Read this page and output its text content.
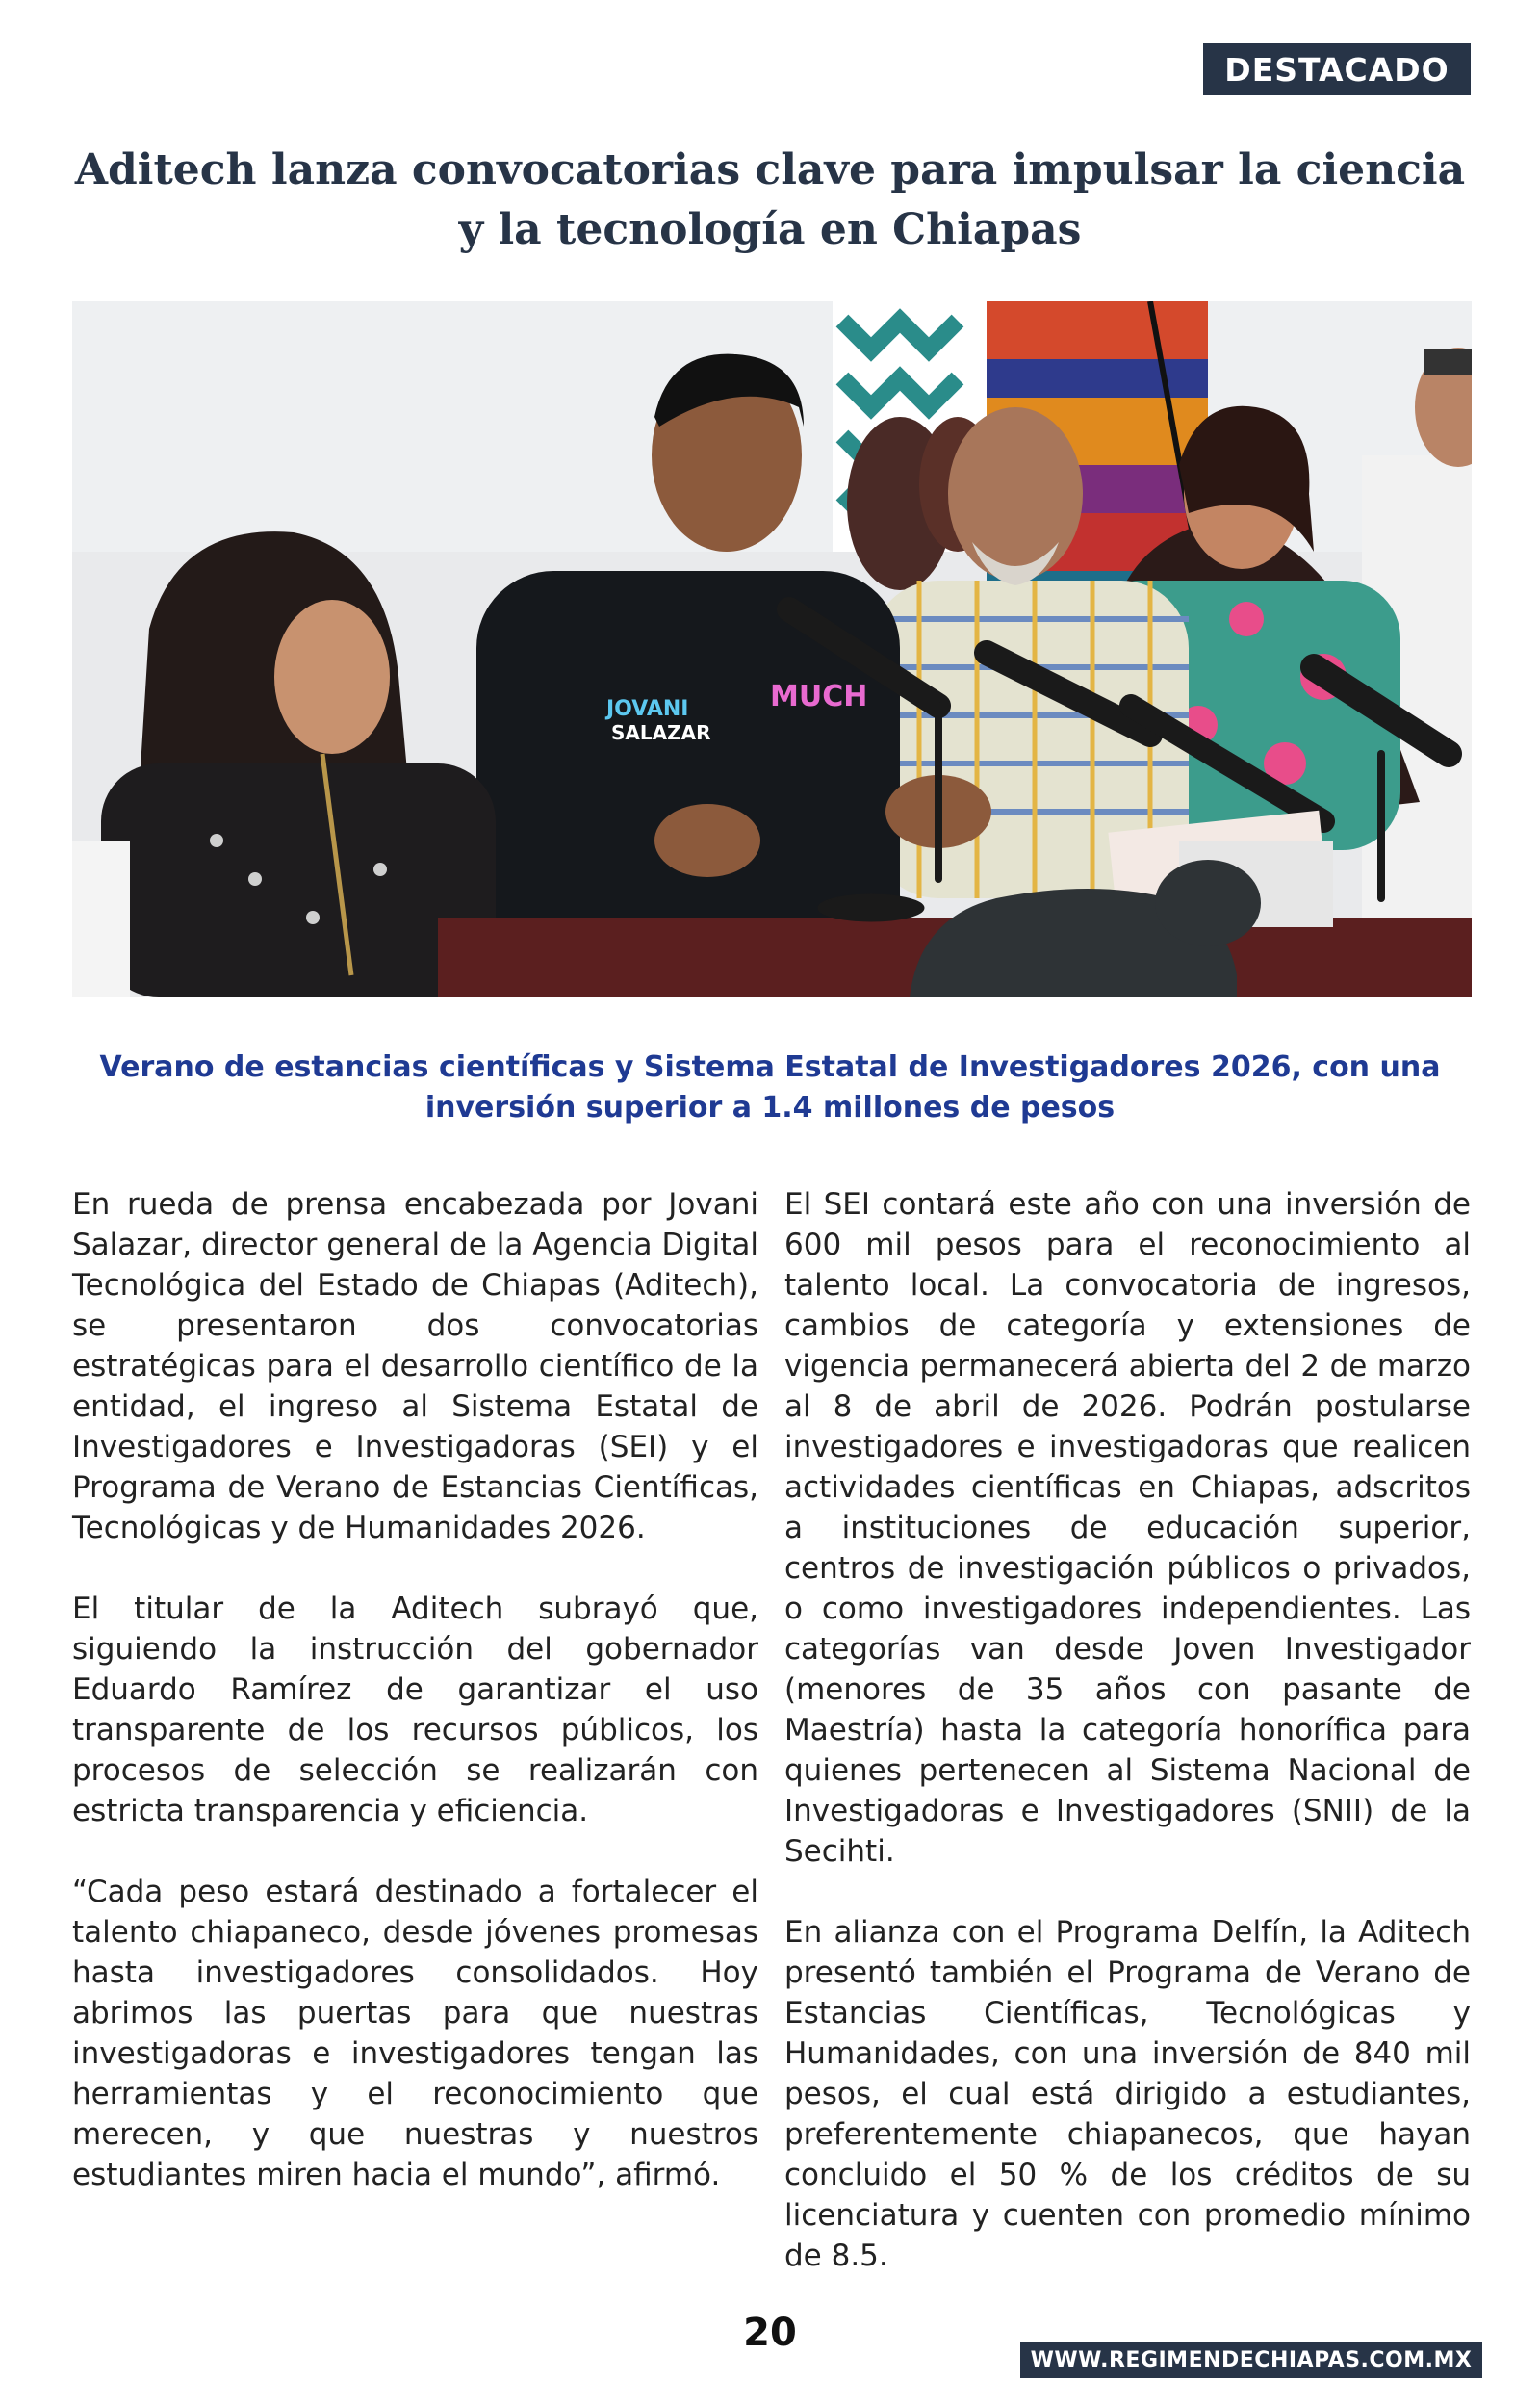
DESTACADO
Aditech lanza convocatorias clave para impulsar la ciencia y la tecnología en Chiapas
JOVANI
SALAZAR
MUCH
Verano de estancias científicas y Sistema Estatal de Investigadores 2026, con una inversión superior a 1.4 millones de pesos

En rueda de prensa encabezada por Jovani Salazar, director general de la Agencia Digital Tecnológica del Estado de Chiapas (Aditech), se presentaron dos convocatorias estratégicas para el desarrollo científico de la entidad, el ingreso al Sistema Estatal de Investigadores e Investigadoras (SEI) y el Programa de Verano de Estancias Científicas, Tecnológicas y de Humanidades 2026.

El titular de la Aditech subrayó que, siguiendo la instrucción del gobernador Eduardo Ramírez de garantizar el uso transparente de los recursos públicos, los procesos de selección se realizarán con estricta transparencia y eficiencia.

“Cada peso estará destinado a fortalecer el talento chiapaneco, desde jóvenes promesas hasta investigadores consolidados. Hoy abrimos las puertas para que nuestras investigadoras e investigadores tengan las herramientas y el reconocimiento que merecen, y que nuestras y nuestros estudiantes miren hacia el mundo”, afirmó.

El SEI contará este año con una inversión de 600 mil pesos para el reconocimiento al talento local. La convocatoria de ingresos, cambios de categoría y extensiones de vigencia permanecerá abierta del 2 de marzo al 8 de abril de 2026. Podrán postularse investigadores e investigadoras que realicen actividades científicas en Chiapas, adscritos a instituciones de educación superior, centros de investigación públicos o privados, o como investigadores independientes. Las categorías van desde Joven Investigador (menores de 35 años con pasante de Maestría) hasta la categoría honorífica para quienes pertenecen al Sistema Nacional de Investigadoras e Investigadores (SNII) de la Secihti.

En alianza con el Programa Delfín, la Aditech presentó también el Programa de Verano de Estancias Científicas, Tecnológicas y Humanidades, con una inversión de 840 mil pesos, el cual está dirigido a estudiantes, preferentemente chiapanecos, que hayan concluido el 50 % de los créditos de su licenciatura y cuenten con promedio mínimo de 8.5.

20
WWW.REGIMENDECHIAPAS.COM.MX
